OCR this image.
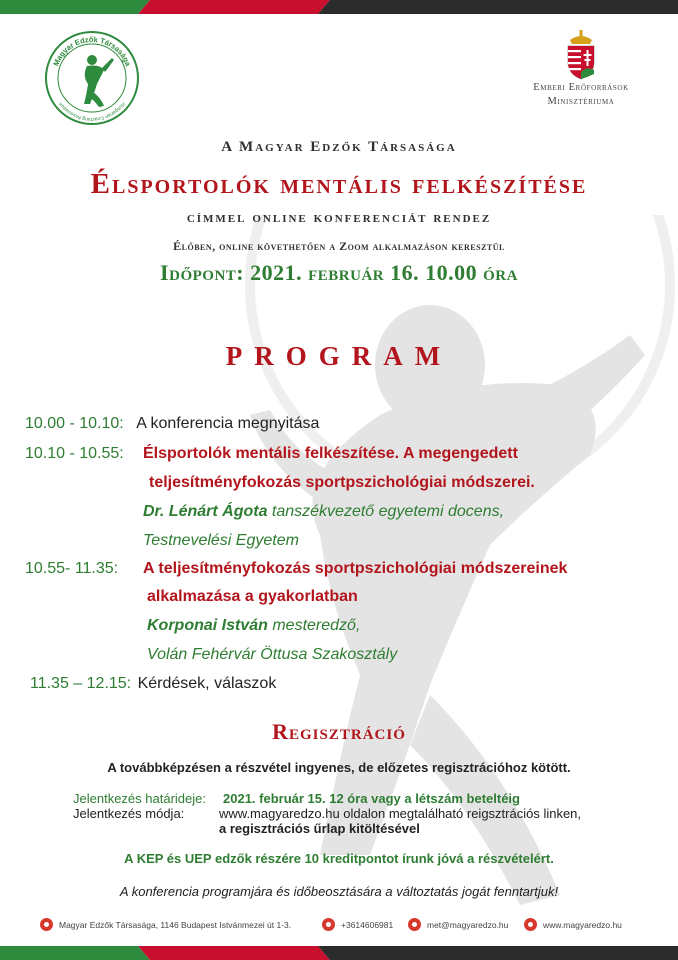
Magyar Edzők Társasága
Hungarian Coaching Association
Emberi Erőforrások
Minisztériuma
A Magyar Edzők Társasága
Élsportolók mentális felkészítése
címmel online konferenciát rendez
Élőben, online követhetően a Zoom alkalmazáson keresztül
Időpont: 2021. február 16. 10.00 óra
PROGRAM
10.00 - 10.10: A konferencia megnyitása
10.10 - 10.55: Élsportolók mentális felkészítése. A megengedett
teljesítményfokozás sportpszichológiai módszerei.
Dr. Lénárt Ágota tanszékvezető egyetemi docens,
Testnevelési Egyetem
10.55- 11.35: A teljesítményfokozás sportpszichológiai módszereinek
alkalmazása a gyakorlatban
Korponai István mesteredző,
Volán Fehérvár Öttusa Szakosztály
11.35 – 12.15: Kérdések, válaszok
Regisztráció
A továbbképzésen a részvétel ingyenes, de előzetes regisztrációhoz kötött.
Jelentkezés határideje: 2021. február 15. 12 óra vagy a létszám beteltéig
Jelentkezés módja:	www.magyaredzo.hu oldalon megtalálható reigsztrációs linken,
a regisztrációs űrlap kitöltésével
A KEP és UEP edzők részére 10 kreditpontot írunk jóvá a részvételért.
A konferencia programjára és időbeosztására a változtatás jogát fenntartjuk!
Magyar Edzők Társasága, 1146 Budapest Istvánmezei út 1-3.	+3614606981	met@magyaredzo.hu	www.magyaredzo.hu
